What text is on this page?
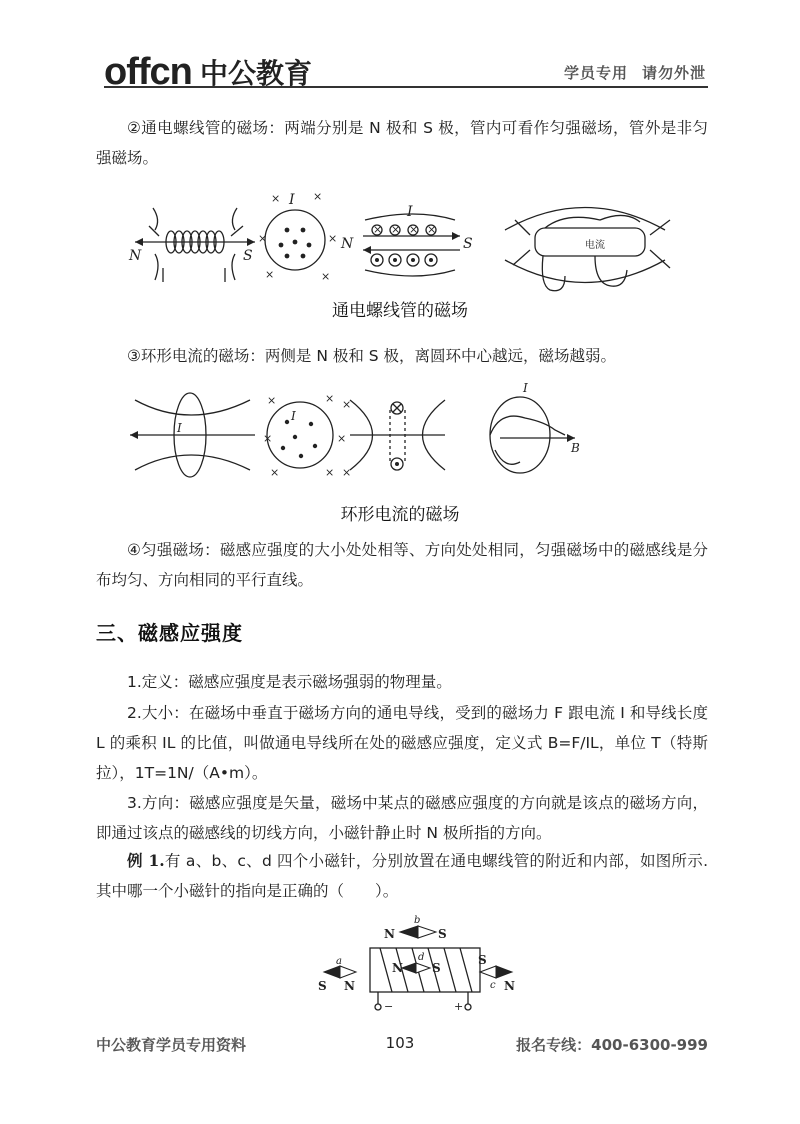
offcn 中公教育	学员专用 请勿外泄
②通电螺线管的磁场：两端分别是 N 极和 S 极，管内可看作匀强磁场，管外是非匀强磁场。
N	S
I
N
I
S	电流
×	×
×	×
×	×
× × × ×
通电螺线管的磁场
③环形电流的磁场：两侧是 N 极和 S 极，离圆环中心越远，磁场越弱。
×	×
×	×
×	×
×
×
I
I
I
B
环形电流的磁场
④匀强磁场：磁感应强度的大小处处相等、方向处处相同，匀强磁场中的磁感线是分布均匀、方向相同的平行直线。
三、磁感应强度
1.定义：磁感应强度是表示磁场强弱的物理量。
2.大小：在磁场中垂直于磁场方向的通电导线，受到的磁场力 F 跟电流 I 和导线长度 L 的乘积 IL 的比值，叫做通电导线所在处的磁感应强度，定义式 B=F/IL，单位 T（特斯拉），1T=1N/（A•m）。
3.方向：磁感应强度是矢量，磁场中某点的磁感应强度的方向就是该点的磁场方向，即通过该点的磁感线的切线方向，小磁针静止时 N 极所指的方向。
例 1.有 a、b、c、d 四个小磁针，分别放置在通电螺线管的附近和内部，如图所示. 其中哪一个小磁针的指向是正确的（　　）。
S N
N	S
N S
S
N
a
b
c
d
−	+
中公教育学员专用资料	103	报名专线：400-6300-999
